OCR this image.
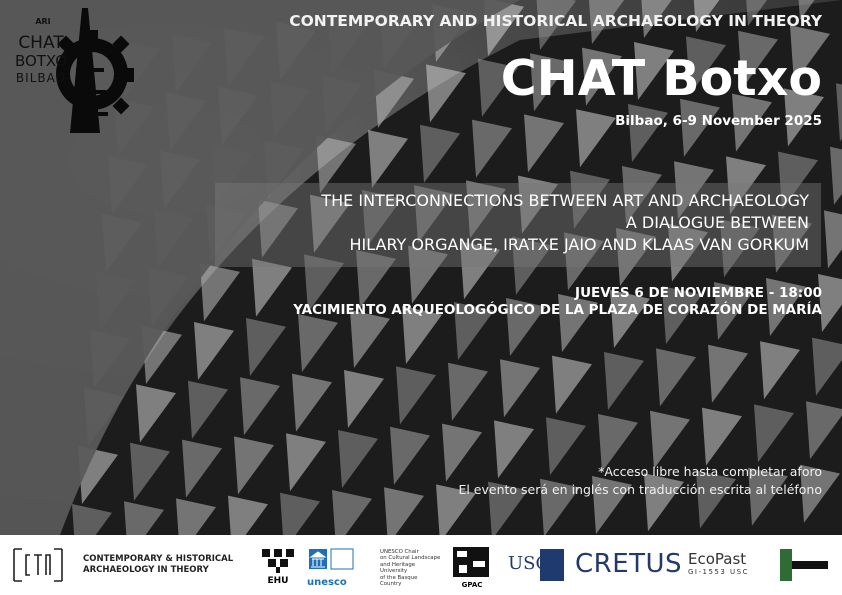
ARI
CHAT
BOTXO
BILBAO
CONTEMPORARY AND HISTORICAL ARCHAEOLOGY IN THEORY
CHAT Botxo
Bilbao, 6-9 November 2025
THE INTERCONNECTIONS BETWEEN ART AND ARCHAEOLOGY
A DIALOGUE BETWEEN
HILARY ORGANGE, IRATXE JAIO AND KLAAS VAN GORKUM
JUEVES 6 DE NOVIEMBRE - 18:00
YACIMIENTO ARQUEOLOGÓGICO DE LA PLAZA DE CORAZÓN DE MARÍA
*Acceso libre hasta completar aforo
El evento será en inglés con traducción escrita al teléfono
CONTEMPORARY & HISTORICAL
ARCHAEOLOGY IN THEORY
EHU	unesco
UNESCO Chair
on Cultural Landscape
and Heritage
University
of the Basque
Country	GPAC
USC CRETUS EcoPast
GI-1553 USC
